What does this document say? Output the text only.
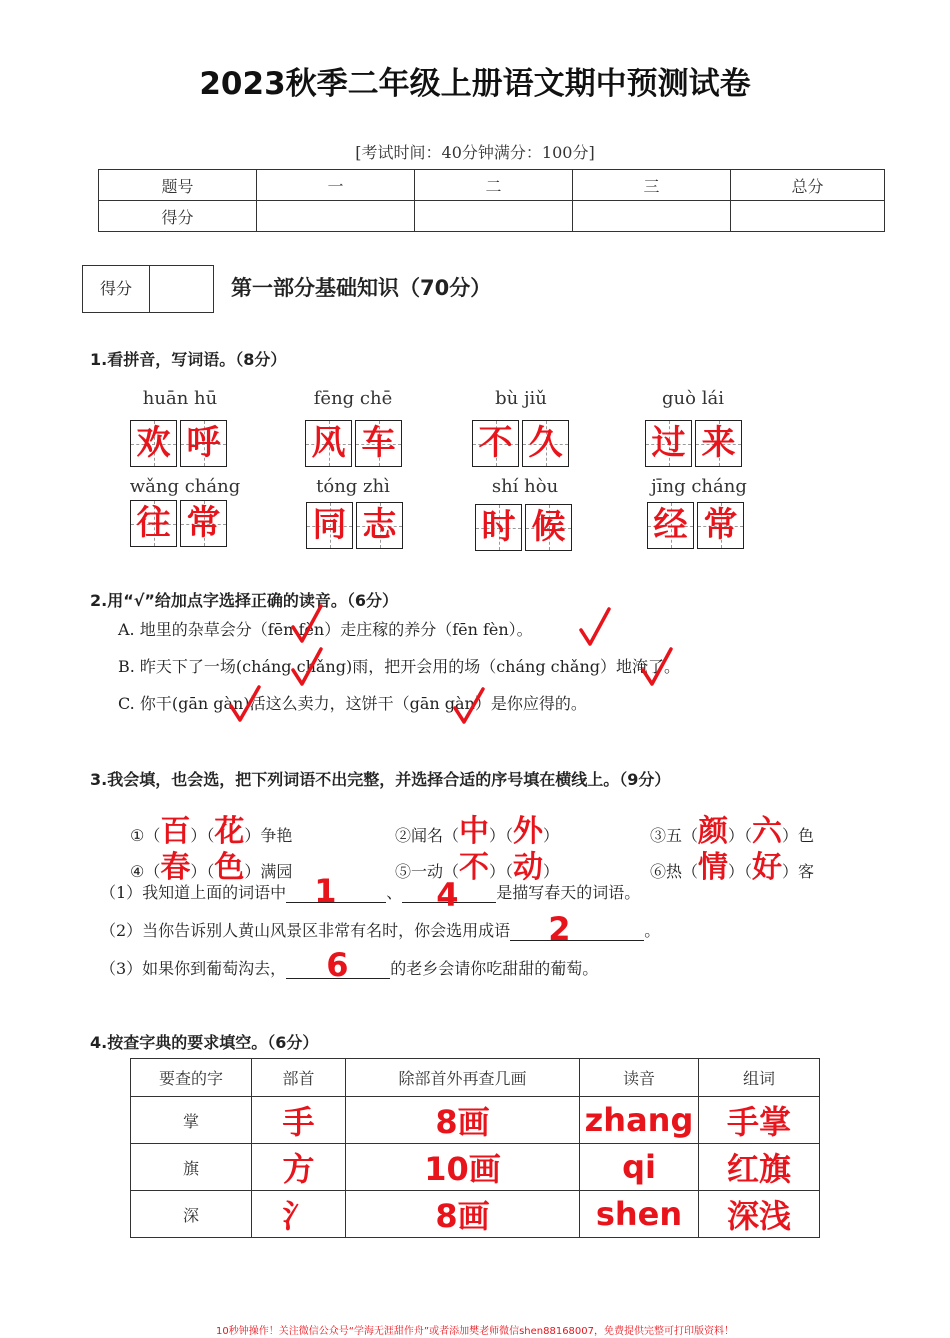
2023秋季二年级上册语文期中预测试卷
[考试时间：40分钟满分：100分]
题号	一	二	三	总分
得分				
得分	第一部分基础知识（70分）
1.看拼音，写词语。（8分）
huān hū
欢 呼
fēng chē
风 车
bù jiǔ
不 久
guò lái
过 来
wǎng cháng
往 常
tóng zhì
同 志
shí hòu
时 候
jīng cháng
经 常
2.用“√”给加点字选择正确的读音。（6分）
A. 地里的杂草会分（fēn fèn）走庄稼的养分（fēn fèn）。
B. 昨天下了一场(cháng chǎng)雨，把开会用的场（cháng chǎng）地淹了。
C. 你干(gān gàn)活这么卖力，这饼干（gān gàn）是你应得的。
3.我会填，也会选，把下列词语不出完整，并选择合适的序号填在横线上。（9分）
①（百）（花）争艳	②闻名（中）（外）	③五（颜）（六）色
④（春）（色）满园	⑤一动（不）（动）	⑥热（情）（好）客
（1）我知道上面的词语中 1	、 4 是描写春天的词语。
（2）当你告诉别人黄山风景区非常有名时，你会选用成语 2	。
（3）如果你到葡萄沟去， 6	的老乡会请你吃甜甜的葡萄。
4.按查字典的要求填空。（6分）
要查的字	部首	除部首外再查几画	读音	组词
掌	手	8画	zhang	手掌
旗	方	10画	qi	红旗
深	氵	8画	shen	深浅
10秒钟操作！关注微信公众号“学海无涯甜作舟”或者添加樊老师微信shen88168007，免费提供完整可打印版资料！
